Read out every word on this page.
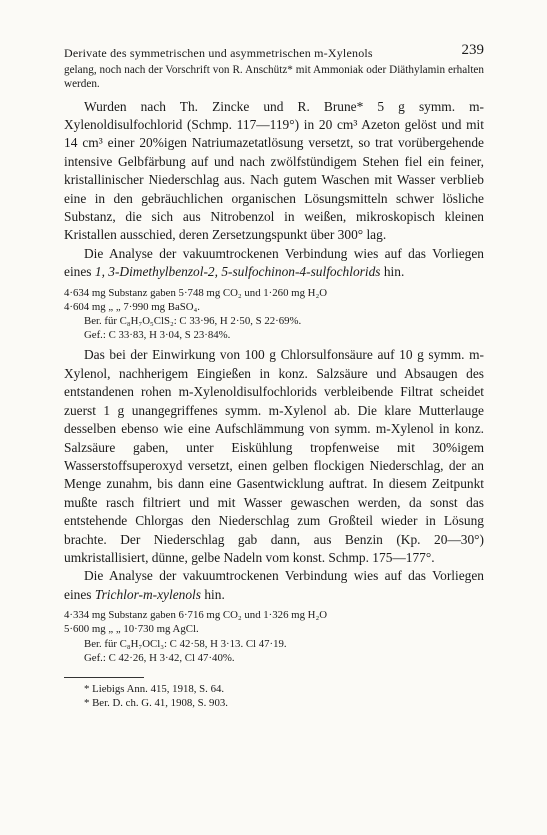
Derivate des symmetrischen und asymmetrischen m-Xylenols	239

gelang, noch nach der Vorschrift von R. Anschütz* mit Ammoniak oder Diäthylamin erhalten werden.

Wurden nach Th. Zincke und R. Brune* 5 g symm. m-Xylenoldisulfochlorid (Schmp. 117—119°) in 20 cm³ Azeton gelöst und mit 14 cm³ einer 20%igen Natriumazetatlösung versetzt, so trat vorübergehende intensive Gelbfärbung auf und nach zwölfstündigem Stehen fiel ein feiner, kristallinischer Niederschlag aus. Nach gutem Waschen mit Wasser verblieb eine in den gebräuchlichen organischen Lösungsmitteln schwer lösliche Substanz, die sich aus Nitrobenzol in weißen, mikroskopisch kleinen Kristallen ausschied, deren Zersetzungspunkt über 300° lag.

Die Analyse der vakuumtrockenen Verbindung wies auf das Vorliegen eines 1, 3-Dimethylbenzol-2, 5-sulfochinon-4-sulfochlorids hin.

4·634 mg Substanz gaben 5·748 mg CO₂ und 1·260 mg H₂O
4·604 mg „ „ 7·990 mg BaSO₄.
Ber. für C₈H₇O₅ClS₂: C 33·96, H 2·50, S 22·69%.
Gef.: C 33·83, H 3·04, S 23·84%.

Das bei der Einwirkung von 100 g Chlorsulfonsäure auf 10 g symm. m-Xylenol, nachherigem Eingießen in konz. Salzsäure und Absaugen des entstandenen rohen m-Xylenoldisulfochlorids verbleibende Filtrat scheidet zuerst 1 g unangegriffenes symm. m-Xylenol ab. Die klare Mutterlauge desselben ebenso wie eine Aufschlämmung von symm. m-Xylenol in konz. Salzsäure gaben, unter Eiskühlung tropfenweise mit 30%igem Wasserstoffsuperoxyd versetzt, einen gelben flockigen Niederschlag, der an Menge zunahm, bis dann eine Gasentwicklung auftrat. In diesem Zeitpunkt mußte rasch filtriert und mit Wasser gewaschen werden, da sonst das entstehende Chlorgas den Niederschlag zum Großteil wieder in Lösung brachte. Der Niederschlag gab dann, aus Benzin (Kp. 20—30°) umkristallisiert, dünne, gelbe Nadeln vom konst. Schmp. 175—177°.

Die Analyse der vakuumtrockenen Verbindung wies auf das Vorliegen eines Trichlor-m-xylenols hin.

4·334 mg Substanz gaben 6·716 mg CO₂ und 1·326 mg H₂O
5·600 mg „ „ 10·730 mg AgCl.
Ber. für C₈H₇OCl₃: C 42·58, H 3·13. Cl 47·19.
Gef.: C 42·26, H 3·42, Cl 47·40%.
* Liebigs Ann. 415, 1918, S. 64.
* Ber. D. ch. G. 41, 1908, S. 903.
